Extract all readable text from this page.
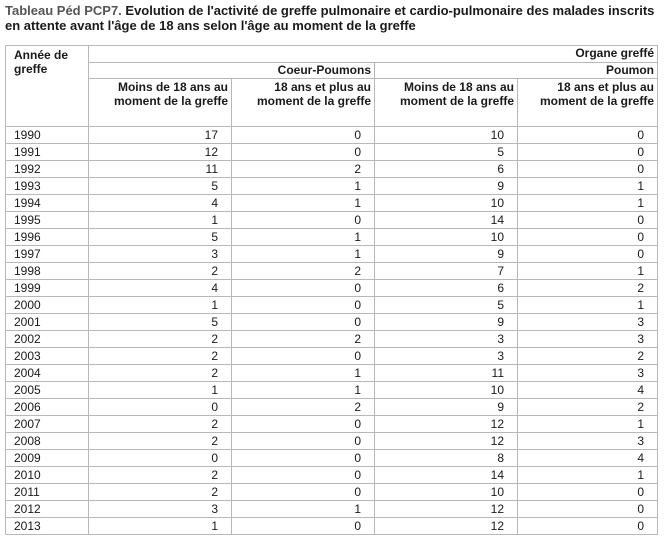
Tableau Péd PCP7. Evolution de l'activité de greffe pulmonaire et cardio-pulmonaire des malades inscrits en attente avant l'âge de 18 ans selon l'âge au moment de la greffe
Année de greffe	Organe greffé			
	Coeur-Poumons		Poumon	
	Moins de 18 ans au moment de la greffe	18 ans et plus au moment de la greffe	Moins de 18 ans au moment de la greffe	18 ans et plus au moment de la greffe
1990	17	0	10	0
1991	12	0	5	0
1992	11	2	6	0
1993	5	1	9	1
1994	4	1	10	1
1995	1	0	14	0
1996	5	1	10	0
1997	3	1	9	0
1998	2	2	7	1
1999	4	0	6	2
2000	1	0	5	1
2001	5	0	9	3
2002	2	2	3	3
2003	2	0	3	2
2004	2	1	11	3
2005	1	1	10	4
2006	0	2	9	2
2007	2	0	12	1
2008	2	0	12	3
2009	0	0	8	4
2010	2	0	14	1
2011	2	0	10	0
2012	3	1	12	0
2013	1	0	12	0
